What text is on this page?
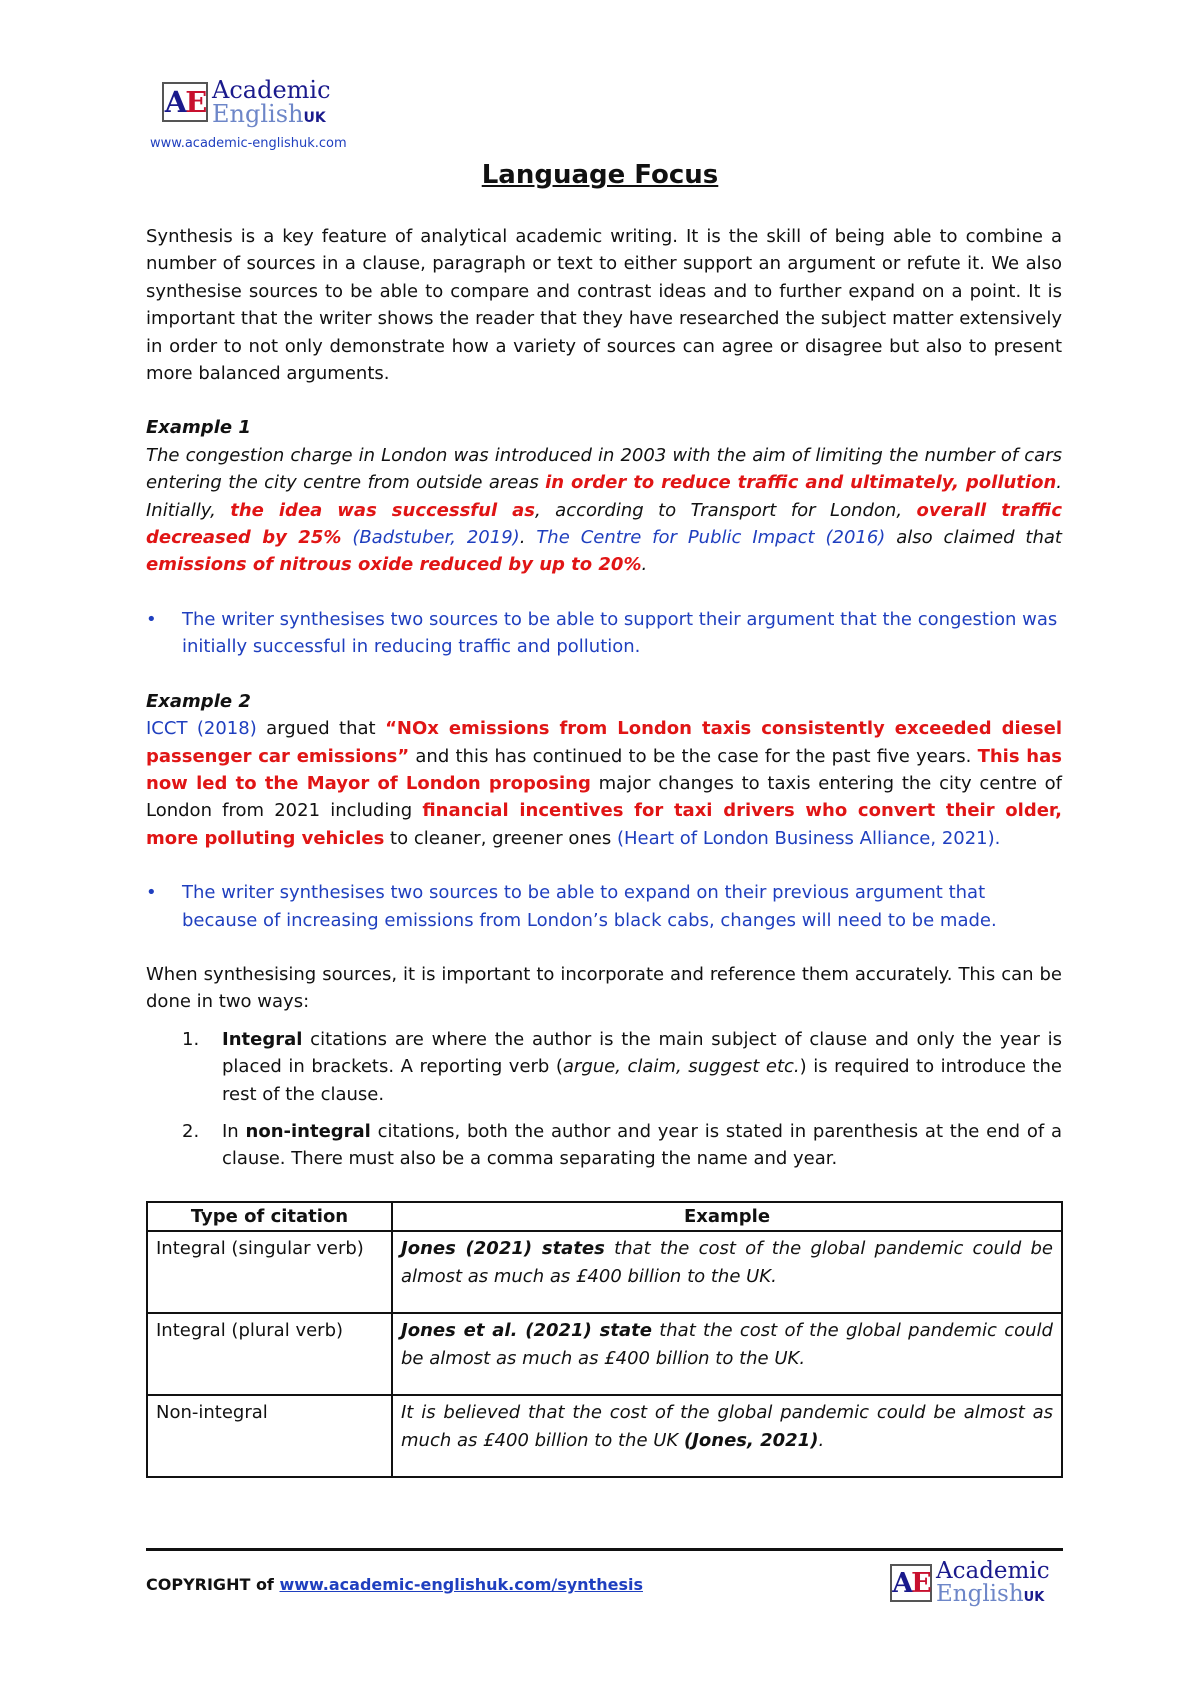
A E Academic
EnglishUK
www.academic-englishuk.com
Language Focus

Synthesis is a key feature of analytical academic writing. It is the skill of being able to combine a number of sources in a clause, paragraph or text to either support an argument or refute it. We also synthesise sources to be able to compare and contrast ideas and to further expand on a point. It is important that the writer shows the reader that they have researched the subject matter extensively in order to not only demonstrate how a variety of sources can agree or disagree but also to present more balanced arguments.

Example 1

The congestion charge in London was introduced in 2003 with the aim of limiting the number of cars entering the city centre from outside areas in order to reduce traffic and ultimately, pollution. Initially, the idea was successful as, according to Transport for London, overall traffic decreased by 25% (Badstuber, 2019). The Centre for Public Impact (2016) also claimed that emissions of nitrous oxide reduced by up to 20%.

• The writer synthesises two sources to be able to support their argument that the congestion was initially successful in reducing traffic and pollution.

Example 2

ICCT (2018) argued that “NOx emissions from London taxis consistently exceeded diesel passenger car emissions” and this has continued to be the case for the past five years. This has now led to the Mayor of London proposing major changes to taxis entering the city centre of London from 2021 including financial incentives for taxi drivers who convert their older, more polluting vehicles to cleaner, greener ones (Heart of London Business Alliance, 2021).

• The writer synthesises two sources to be able to expand on their previous argument that because of increasing emissions from London’s black cabs, changes will need to be made.

When synthesising sources, it is important to incorporate and reference them accurately. This can be done in two ways:

1. Integral citations are where the author is the main subject of clause and only the year is placed in brackets. A reporting verb (argue, claim, suggest etc.) is required to introduce the rest of the clause.
2. In non-integral citations, both the author and year is stated in parenthesis at the end of a clause. There must also be a comma separating the name and year.
Type of citation	Example
Integral (singular verb)	Jones (2021) states that the cost of the global pandemic could be almost as much as £400 billion to the UK.
Integral (plural verb)	Jones et al. (2021) state that the cost of the global pandemic could be almost as much as £400 billion to the UK.
Non-integral	It is believed that the cost of the global pandemic could be almost as much as £400 billion to the UK (Jones, 2021).
COPYRIGHT of www.academic-englishuk.com/synthesis	A E Academic
EnglishUK
